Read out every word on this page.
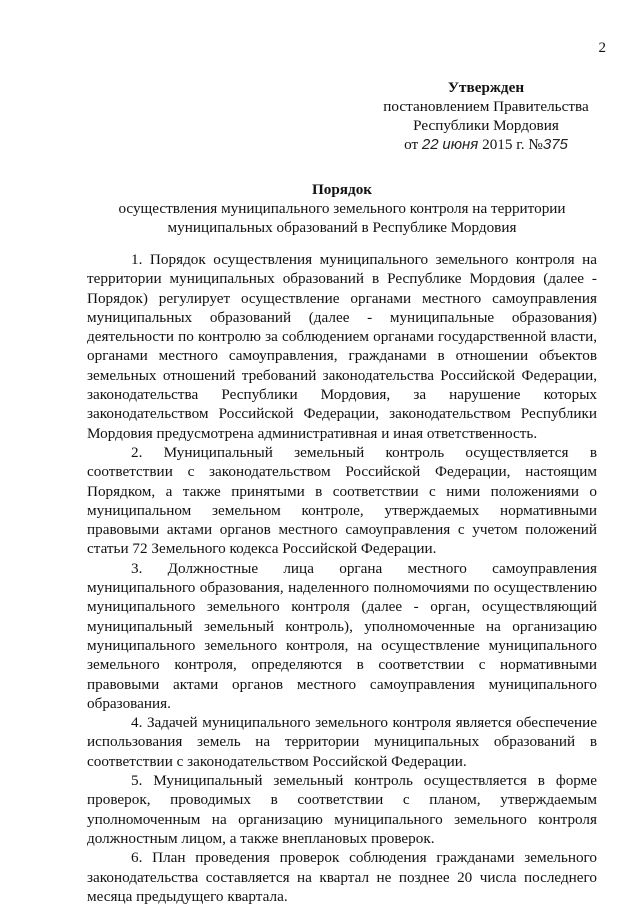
2
Утвержден
постановлением Правительства
Республики Мордовия
от 22 июня 2015 г. №375
Порядок
осуществления муниципального земельного контроля на территории
муниципальных образований в Республике Мордовия

1. Порядок осуществления муниципального земельного контроля на территории муниципальных образований в Республике Мордовия (далее - Порядок) регулирует осуществление органами местного самоуправления муниципальных образований (далее - муниципальные образования) деятельности по контролю за соблюдением органами государственной власти, органами местного самоуправления, гражданами в отношении объектов земельных отношений требований законодательства Российской Федерации, законодательства Республики Мордовия, за нарушение которых законодательством Российской Федерации, законодательством Республики Мордовия предусмотрена административная и иная ответственность.

2. Муниципальный земельный контроль осуществляется в соответствии с законодательством Российской Федерации, настоящим Порядком, а также принятыми в соответствии с ними положениями о муниципальном земельном контроле, утверждаемых нормативными правовыми актами органов местного самоуправления с учетом положений статьи 72 Земельного кодекса Российской Федерации.

3. Должностные лица органа местного самоуправления муниципального образования, наделенного полномочиями по осуществлению муниципального земельного контроля (далее - орган, осуществляющий муниципальный земельный контроль), уполномоченные на организацию муниципального земельного контроля, на осуществление муниципального земельного контроля, определяются в соответствии с нормативными правовыми актами органов местного самоуправления муниципального образования.

4. Задачей муниципального земельного контроля является обеспечение использования земель на территории муниципальных образований в соответствии с законодательством Российской Федерации.

5. Муниципальный земельный контроль осуществляется в форме проверок, проводимых в соответствии с планом, утверждаемым уполномоченным на организацию муниципального земельного контроля должностным лицом, а также внеплановых проверок.

6. План проведения проверок соблюдения гражданами земельного законодательства составляется на квартал не позднее 20 числа последнего месяца предыдущего квартала.
